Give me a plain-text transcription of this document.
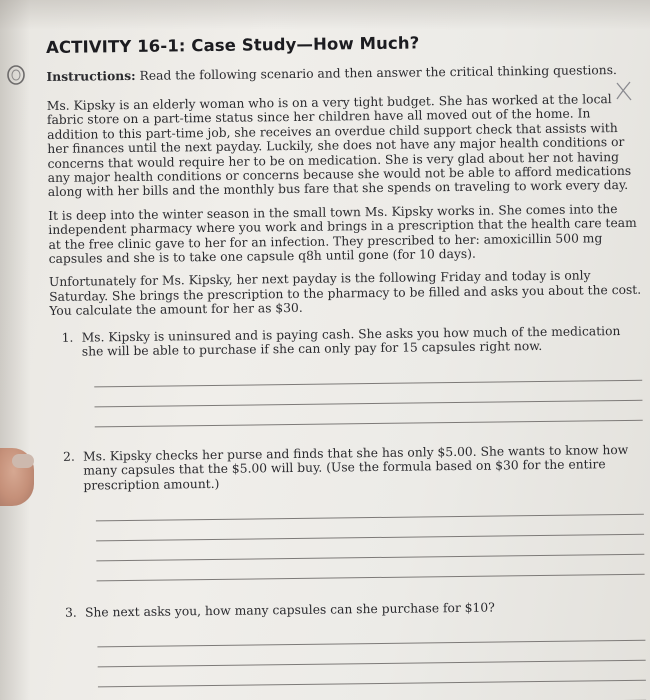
ACTIVITY 16-1: Case Study—How Much?
Instructions: Read the following scenario and then answer the critical thinking questions.

Ms. Kipsky is an elderly woman who is on a very tight budget. She has worked at the local fabric store on a part-time status since her children have all moved out of the home. In addition to this part-time job, she receives an overdue child support check that assists with her finances until the next payday. Luckily, she does not have any major health conditions or concerns that would require her to be on medication. She is very glad about her not having any major health conditions or concerns because she would not be able to afford medications along with her bills and the monthly bus fare that she spends on traveling to work every day.

It is deep into the winter season in the small town Ms. Kipsky works in. She comes into the independent pharmacy where you work and brings in a prescription that the health care team at the free clinic gave to her for an infection. They prescribed to her: amoxicillin 500 mg capsules and she is to take one capsule q8h until gone (for 10 days).

Unfortunately for Ms. Kipsky, her next payday is the following Friday and today is only Saturday. She brings the prescription to the pharmacy to be filled and asks you about the cost. You calculate the amount for her as $30.

1. Ms. Kipsky is uninsured and is paying cash. She asks you how much of the medication she will be able to purchase if she can only pay for 15 capsules right now.
2. Ms. Kipsky checks her purse and finds that she has only $5.00. She wants to know how many capsules that the $5.00 will buy. (Use the formula based on $30 for the entire prescription amount.)
3. She next asks you, how many capsules can she purchase for $10?
